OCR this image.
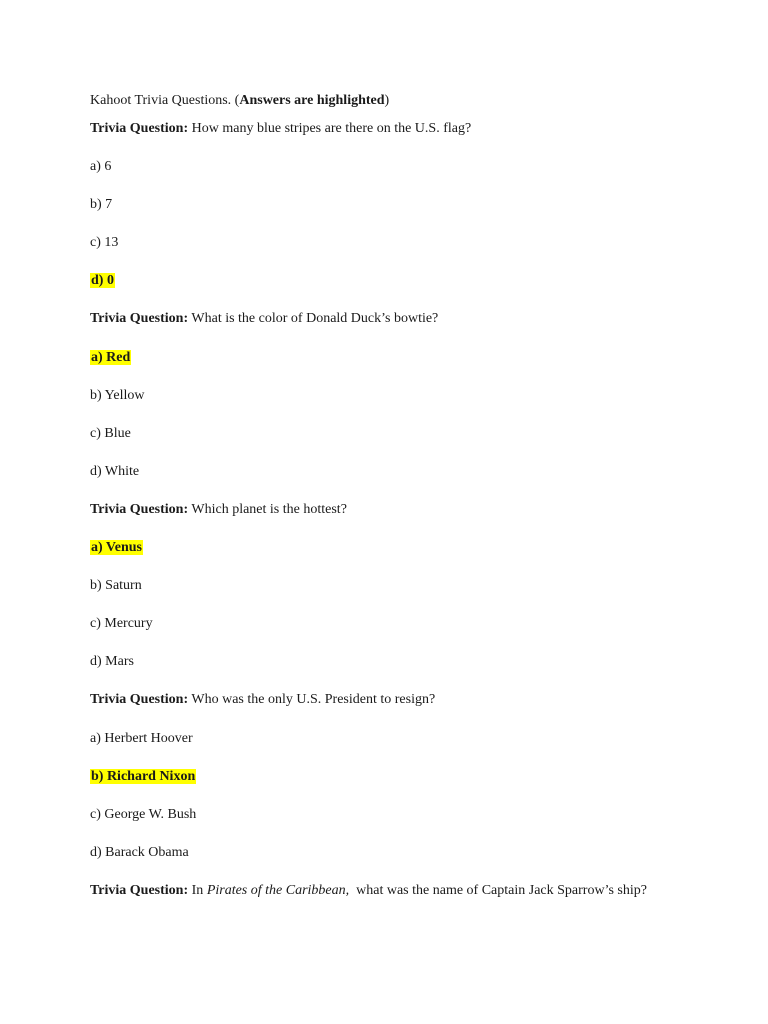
Kahoot Trivia Questions. (Answers are highlighted)
Trivia Question: How many blue stripes are there on the U.S. flag?
a) 6
b) 7
c) 13
d) 0
Trivia Question: What is the color of Donald Duck’s bowtie?
a) Red
b) Yellow
c) Blue
d) White
Trivia Question: Which planet is the hottest?
a) Venus
b) Saturn
c) Mercury
d) Mars
Trivia Question: Who was the only U.S. President to resign?
a) Herbert Hoover
b) Richard Nixon
c) George W. Bush
d) Barack Obama
Trivia Question: In Pirates of the Caribbean,  what was the name of Captain Jack Sparrow’s ship?
